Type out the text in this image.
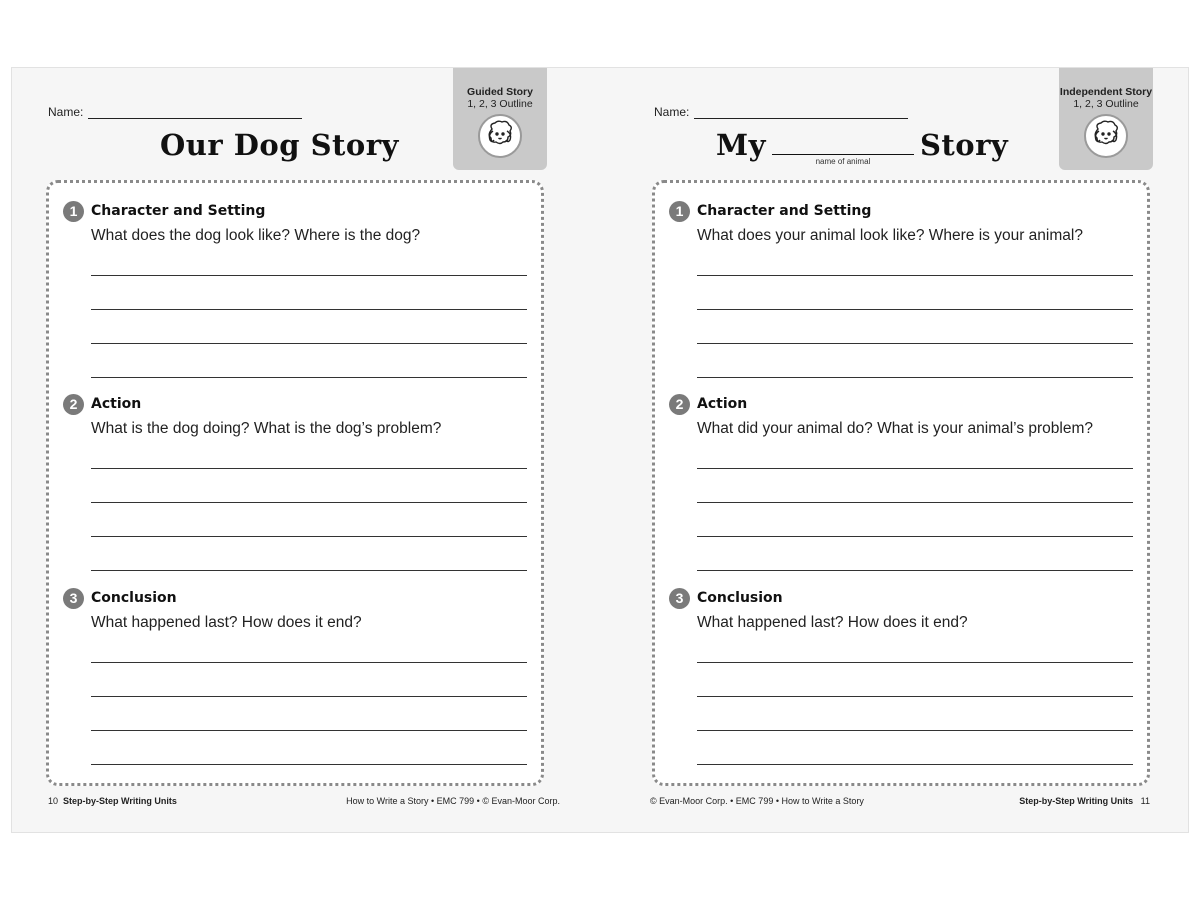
Name:
Our Dog Story
Guided Story
1, 2, 3 Outline
1 Character and Setting
What does the dog look like? Where is the dog?
2 Action
What is the dog doing? What is the dog’s problem?
3 Conclusion
What happened last? How does it end?
10 Step-by-Step Writing Units	How to Write a Story • EMC 799 • © Evan-Moor Corp.
Name:
My	name of animal	Story
Independent Story
1, 2, 3 Outline
1 Character and Setting
What does your animal look like? Where is your animal?
2 Action
What did your animal do? What is your animal’s problem?
3 Conclusion
What happened last? How does it end?
© Evan-Moor Corp. • EMC 799 • How to Write a Story	Step-by-Step Writing Units 11
